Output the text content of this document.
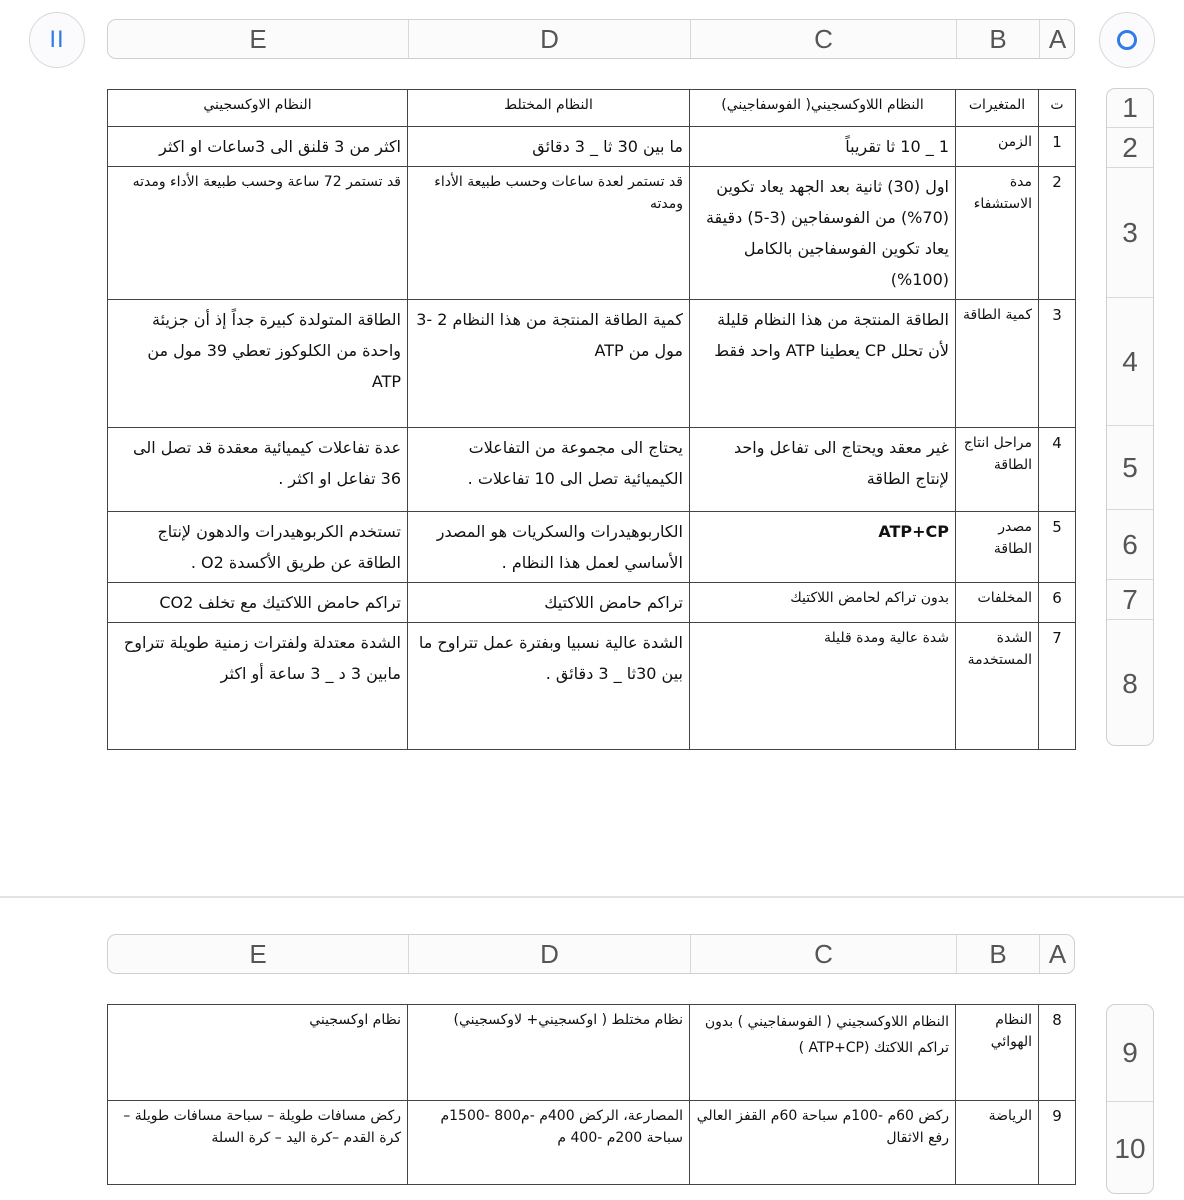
II	E	D	C	B	A
1
2
3
4
5
6
7
8
النظام الاوكسجيني	النظام المختلط	النظام اللاوكسجيني( الفوسفاجيني)	المتغيرات	ت
اكثر من 3 قلنق الى 3ساعات او اكثر	ما بين 30 ثا _ 3 دقائق	1 _ 10 ثا تقريباً	الزمن	1
قد تستمر 72 ساعة وحسب طبيعة الأداء ومدته	قد تستمر لعدة ساعات وحسب طبيعة الأداء ومدته	اول (30) ثانية بعد الجهد يعاد تكوين (70%) من الفوسفاجين (3-5) دقيقة يعاد تكوين الفوسفاجين بالكامل (100%)	مدة الاستشفاء	2
الطاقة المتولدة كبيرة جداً إذ أن جزيئة واحدة من الكلوكوز تعطي 39 مول من ATP	كمية الطاقة المنتجة من هذا النظام 2 -3 مول من ATP	الطاقة المنتجة من هذا النظام قليلة لأن تحلل CP يعطينا ATP واحد فقط	كمية الطاقة	3
عدة تفاعلات كيميائية معقدة قد تصل الى 36 تفاعل او اكثر .	يحتاج الى مجموعة من التفاعلات الكيميائية تصل الى 10 تفاعلات .	غير معقد ويحتاج الى تفاعل واحد لإنتاج الطاقة	مراحل انتاج الطاقة	4
تستخدم الكربوهيدرات والدهون لإنتاج الطاقة عن طريق الأكسدة O2 .	الكاربوهيدرات والسكريات هو المصدر الأساسي لعمل هذا النظام .	ATP+CP	مصدر الطاقة	5
تراكم حامض اللاكتيك مع تخلف CO2	تراكم حامض اللاكتيك	بدون تراكم لحامض اللاكتيك	المخلفات	6
الشدة معتدلة ولفترات زمنية طويلة تتراوح مابين 3 د _ 3 ساعة أو اكثر	الشدة عالية نسبيا وبفترة عمل تتراوح ما بين 30ثا _ 3 دقائق .	شدة عالية ومدة قليلة	الشدة المستخدمة	7
E	D	C	B	A
9
10
نظام اوكسجيني	نظام مختلط ( اوكسجيني+ لاوكسجيني)	النظام اللاوكسجيني ( الفوسفاجيني ) بدون تراكم اللاكتك (ATP+CP )	النظام الهوائي	8
ركض مسافات طويلة – سباحة مسافات طويلة –كرة القدم –كرة اليد – كرة السلة	المصارعة، الركض 400م -م800 -1500م سباحة 200م -400 م	ركض 60م -100م سباحة 60م القفز العالي رفع الاثقال	الرياضة	9
